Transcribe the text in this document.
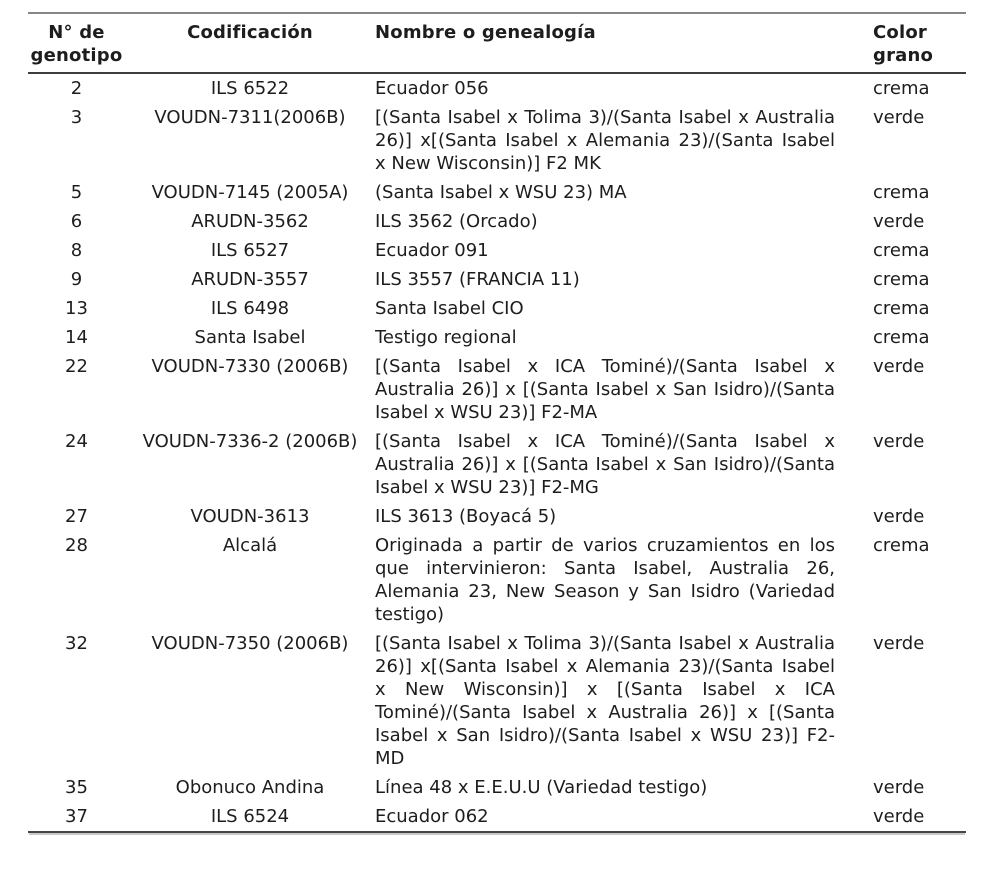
N° de genotipo	Codificación	Nombre o genealogía	Color grano
2	ILS 6522	Ecuador 056	crema
3	VOUDN-7311(2006B)	[(Santa Isabel x Tolima 3)/(Santa Isabel x Australia 26)] x[(Santa Isabel x Alemania 23)/(Santa Isabel x New Wisconsin)] F2 MK	verde
5	VOUDN-7145 (2005A)	(Santa Isabel x WSU 23) MA	crema
6	ARUDN-3562	ILS 3562 (Orcado)	verde
8	ILS 6527	Ecuador 091	crema
9	ARUDN-3557	ILS 3557 (FRANCIA 11)	crema
13	ILS 6498	Santa Isabel CIO	crema
14	Santa Isabel	Testigo regional	crema
22	VOUDN-7330 (2006B)	[(Santa Isabel x ICA Tominé)/(Santa Isabel x Australia 26)] x [(Santa Isabel x San Isidro)/(Santa Isabel x WSU 23)] F2-MA	verde
24	VOUDN-7336-2 (2006B)	[(Santa Isabel x ICA Tominé)/(Santa Isabel x Australia 26)] x [(Santa Isabel x San Isidro)/(Santa Isabel x WSU 23)] F2-MG	verde
27	VOUDN-3613	ILS 3613 (Boyacá 5)	verde
28	Alcalá	Originada a partir de varios cruzamientos en los que intervinieron: Santa Isabel, Australia 26, Alemania 23, New Season y San Isidro (Variedad testigo)	crema
32	VOUDN-7350 (2006B)	[(Santa Isabel x Tolima 3)/(Santa Isabel x Australia 26)] x[(Santa Isabel x Alemania 23)/(Santa Isabel x New Wisconsin)] x [(Santa Isabel x ICA Tominé)/(Santa Isabel x Australia 26)] x [(Santa Isabel x San Isidro)/(Santa Isabel x WSU 23)] F2-MD	verde
35	Obonuco Andina	Línea 48 x E.E.U.U (Variedad testigo)	verde
37	ILS 6524	Ecuador 062	verde
